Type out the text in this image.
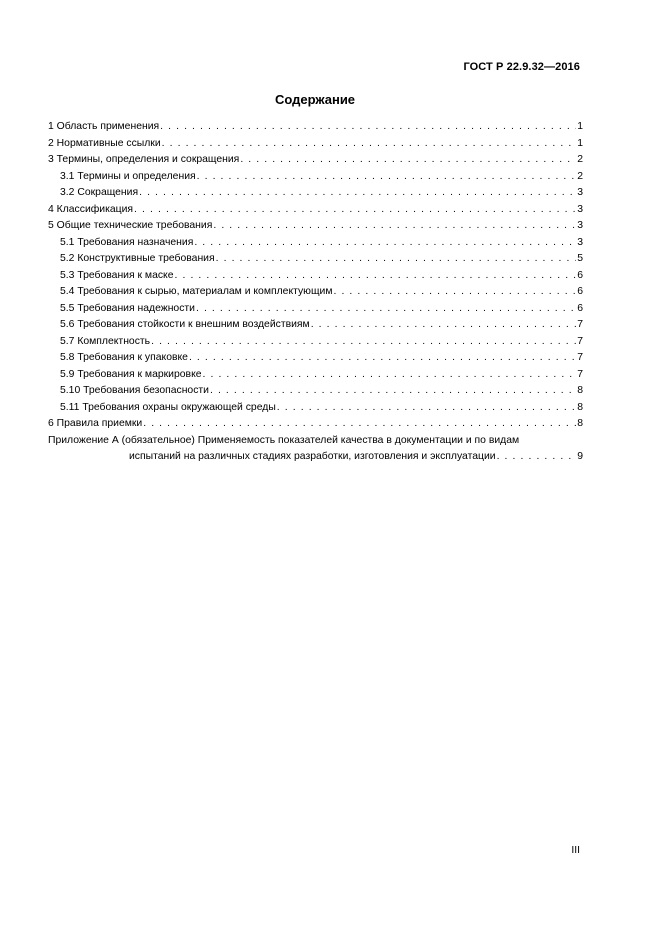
ГОСТ Р 22.9.32—2016
Содержание
1 Область применения . . .	1
2 Нормативные ссылки . . .	1
3 Термины, определения и сокращения . . .	2
3.1 Термины и определения . . .	2
3.2 Сокращения . . .	3
4 Классификация . . .	3
5 Общие технические требования . . .	3
5.1 Требования назначения . . .	3
5.2 Конструктивные требования . . .	5
5.3 Требования к маске . . .	6
5.4 Требования к сырью, материалам и комплектующим . . .	6
5.5 Требования надежности . . .	6
5.6 Требования стойкости к внешним воздействиям . . .	7
5.7 Комплектность . . .	7
5.8 Требования к упаковке . . .	7
5.9 Требования к маркировке . . .	7
5.10 Требования безопасности . . .	8
5.11 Требования охраны окружающей среды . . .	8
6 Правила приемки . . .	8
Приложение А (обязательное) Применяемость показателей качества в документации и по видам
испытаний на различных стадиях разработки, изготовления и эксплуатации . . .	9
III
